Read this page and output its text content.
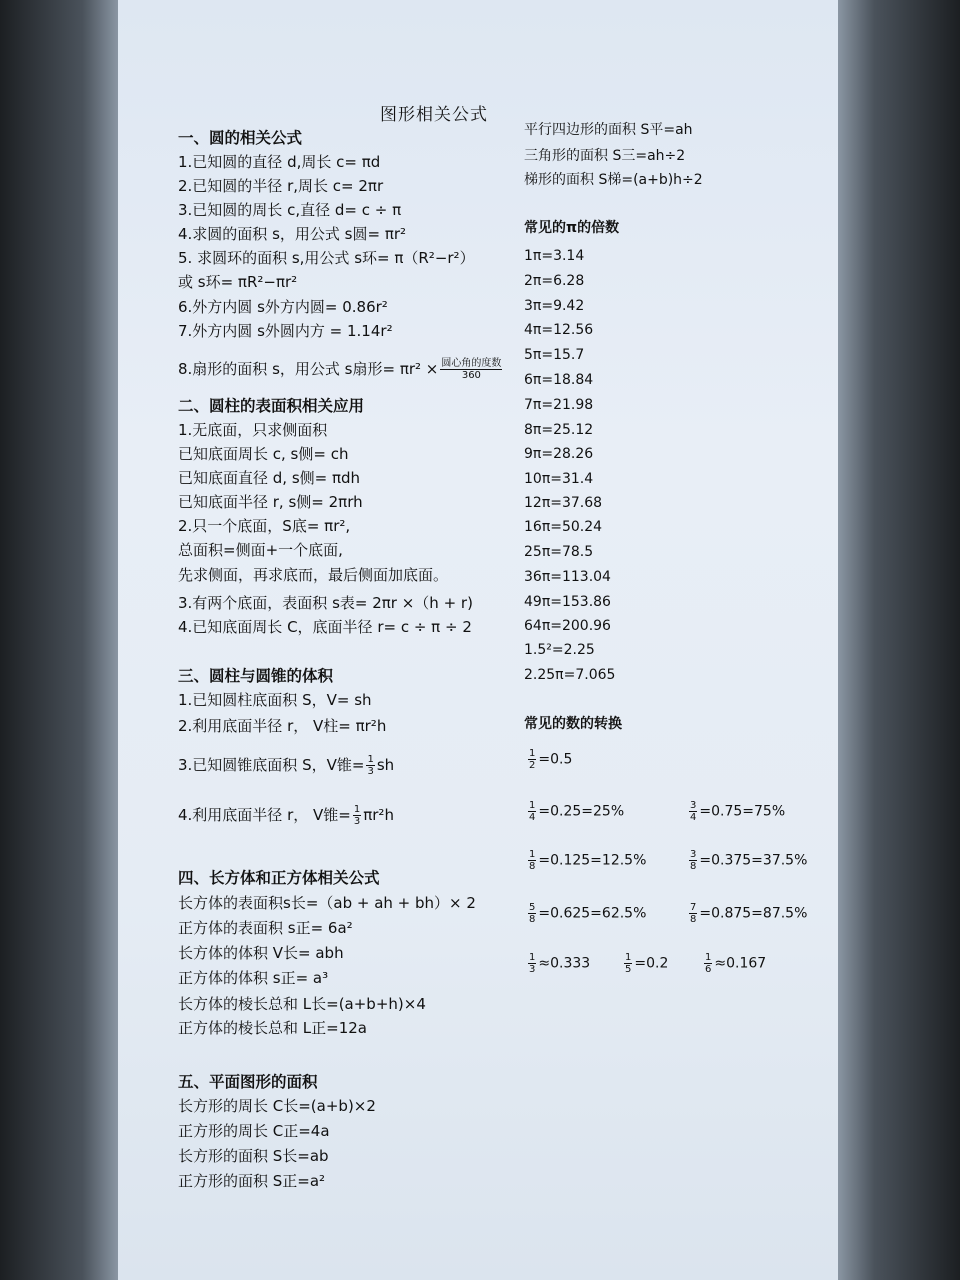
图形相关公式
一、圆的相关公式
1.已知圆的直径 d,周长 c= πd
2.已知圆的半径 r,周长 c= 2πr
3.已知圆的周长 c,直径 d= c ÷ π
4.求圆的面积 s，用公式 s圆= πr²
5. 求圆环的面积 s,用公式 s环= π（R²−r²）
或 s环= πR²−πr²
6.外方内圆 s外方内圆= 0.86r²
7.外方内圆 s外圆内方 = 1.14r²
8.扇形的面积 s，用公式 s扇形= $\pi r^2 \times \frac{\text{圆心角的度数}}{360}$
二、圆柱的表面积相关应用
1.无底面，只求侧面积
已知底面周长 c, s侧= ch
已知底面直径 d, s侧= πdh
已知底面半径 r, s侧= 2πrh
2.只一个底面，S底= πr²,
总面积=侧面+一个底面,
先求侧面，再求底而，最后侧面加底面。
3.有两个底面，表面积 s表= 2πr ×（h + r)
4.已知底面周长 C，底面半径 r= c ÷ π ÷ 2
三、圆柱与圆锥的体积
1.已知圆柱底面积 S，V= sh
2.利用底面半径 r， V柱= πr²h
3.已知圆锥底面积 S，V锥= $\frac{1}{3}$ sh
4.利用底面半径 r， V锥= $\frac{1}{3} \pi r^2h$
四、长方体和正方体相关公式
长方体的表面积s长=（ab + ah + bh）× 2
正方体的表面积 s正= 6a²
长方体的体积 V长= abh
正方体的体积 s正= a³
长方体的棱长总和 L长=(a+b+h)×4
正方体的棱长总和 L正=12a
五、平面图形的面积
长方形的周长 C长=(a+b)×2
正方形的周长 C正=4a
长方形的面积 S长=ab
正方形的面积 S正=a²
平行四边形的面积 S平=ah
三角形的面积 S三=ah÷2
梯形的面积 S梯=(a+b)h÷2
常见的π的倍数
1π=3.14
2π=6.28
3π=9.42
4π=12.56
5π=15.7
6π=18.84
7π=21.98
8π=25.12
9π=28.26
10π=31.4
12π=37.68
16π=50.24
25π=78.5
36π=113.04
49π=153.86
64π=200.96
1.5²=2.25
2.25π=7.065
常见的数的转换
$\frac{1}{2} =0.5$
$\frac{1}{4} =0.25=25\%$	$\frac{3}{4} =0.75=75\%$
$\frac{1}{8} =0.125=12.5\%$	$\frac{3}{8} =0.375=37.5\%$
$\frac{5}{8} =0.625=62.5\%$	$\frac{7}{8} =0.875=87.5\%$
$\frac{1}{3} \approx 0.333$	$\frac{1}{5} =0.2$	$\frac{1}{6} \approx 0.167$
